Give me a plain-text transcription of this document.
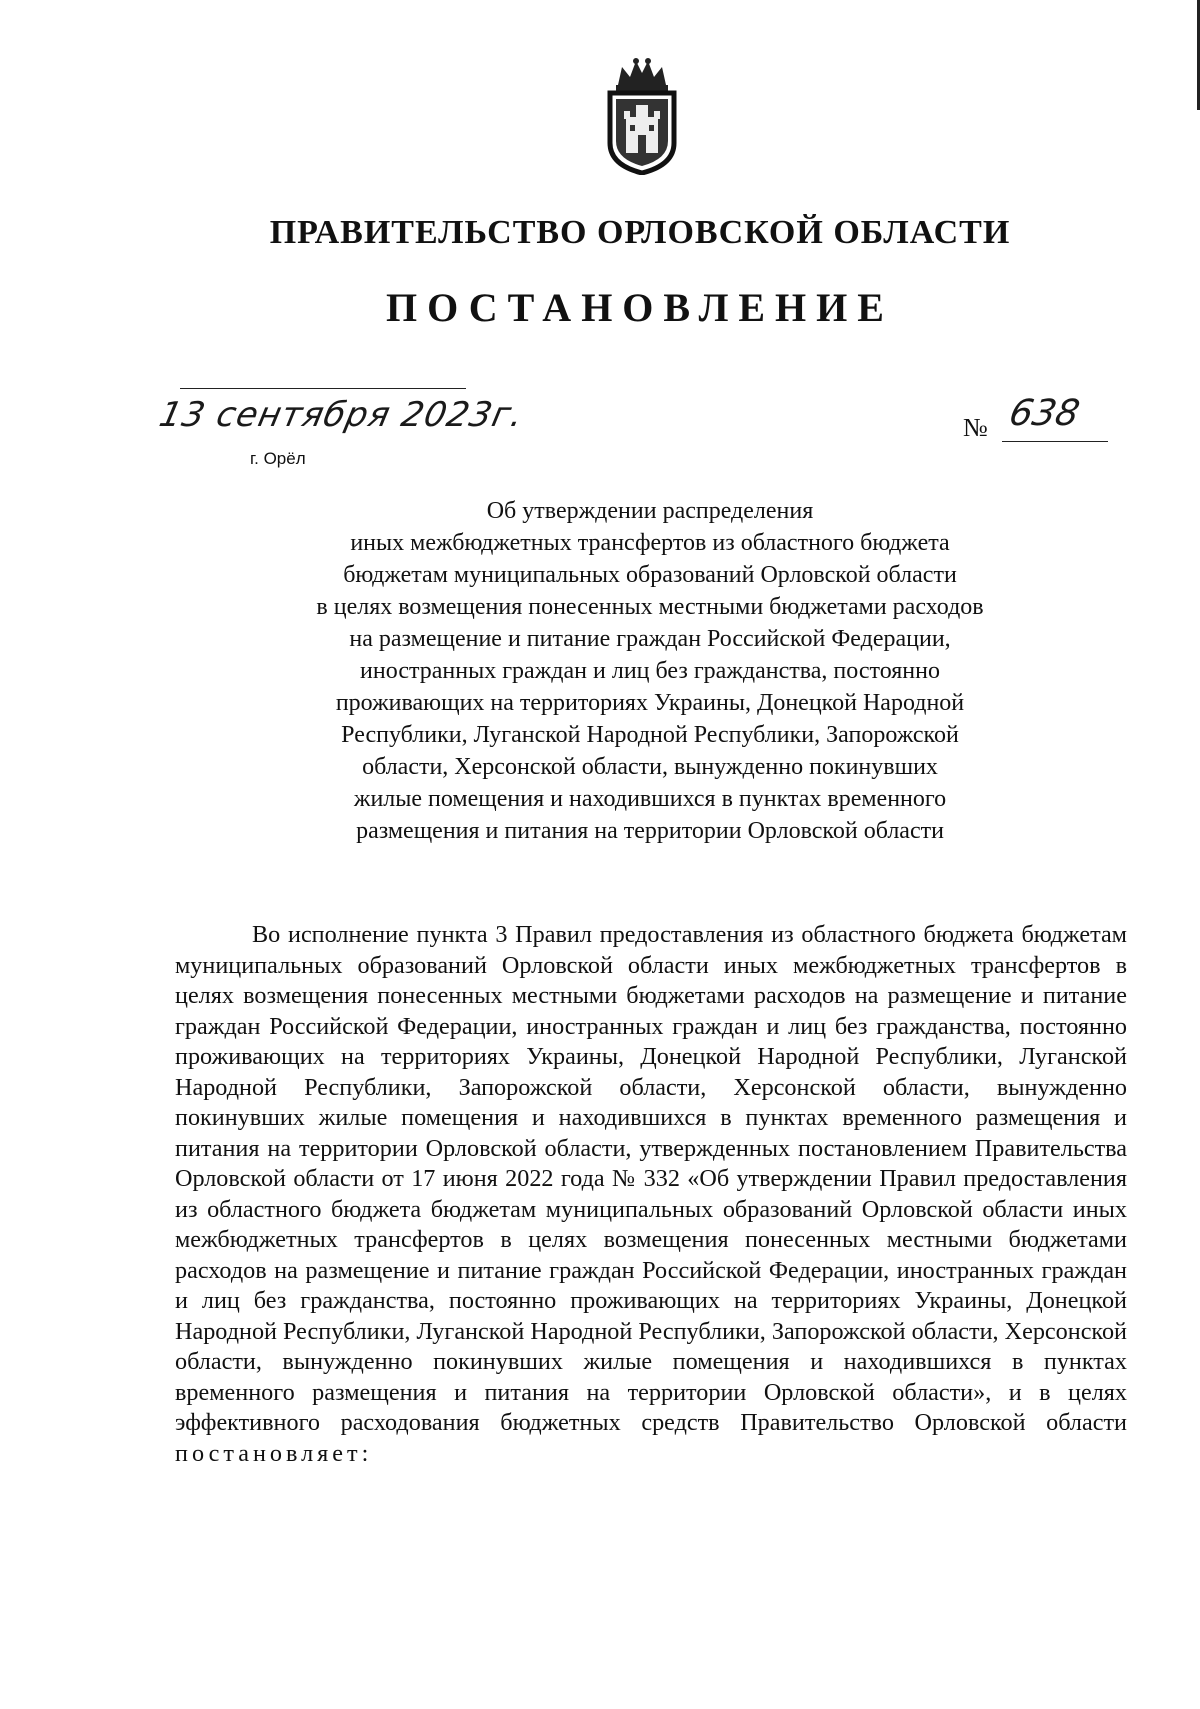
ПРАВИТЕЛЬСТВО ОРЛОВСКОЙ ОБЛАСТИ
ПОСТАНОВЛЕНИЕ
13 сентября 2023г.
г. Орёл
№ 638
Об утверждении распределения
иных межбюджетных трансфертов из областного бюджета
бюджетам муниципальных образований Орловской области
в целях возмещения понесенных местными бюджетами расходов
на размещение и питание граждан Российской Федерации,
иностранных граждан и лиц без гражданства, постоянно
проживающих на территориях Украины, Донецкой Народной
Республики, Луганской Народной Республики, Запорожской
области, Херсонской области, вынужденно покинувших
жилые помещения и находившихся в пунктах временного
размещения и питания на территории Орловской области

Во исполнение пункта 3 Правил предоставления из областного бюджета бюджетам муниципальных образований Орловской области иных межбюджетных трансфертов в целях возмещения понесенных местными бюджетами расходов на размещение и питание граждан Российской Федерации, иностранных граждан и лиц без гражданства, постоянно проживающих на территориях Украины, Донецкой Народной Республики, Луганской Народной Республики, Запорожской области, Херсонской области, вынужденно покинувших жилые помещения и находившихся в пунктах временного размещения и питания на территории Орловской области, утвержденных постановлением Правительства Орловской области от 17 июня 2022 года № 332 «Об утверждении Правил предоставления из областного бюджета бюджетам муниципальных образований Орловской области иных межбюджетных трансфертов в целях возмещения понесенных местными бюджетами расходов на размещение и питание граждан Российской Федерации, иностранных граждан и лиц без гражданства, постоянно проживающих на территориях Украины, Донецкой Народной Республики, Луганской Народной Республики, Запорожской области, Херсонской области, вынужденно покинувших жилые помещения и находившихся в пунктах временного размещения и питания на территории Орловской области», и в целях эффективного расходования бюджетных средств Правительство Орловской области постановляет:
